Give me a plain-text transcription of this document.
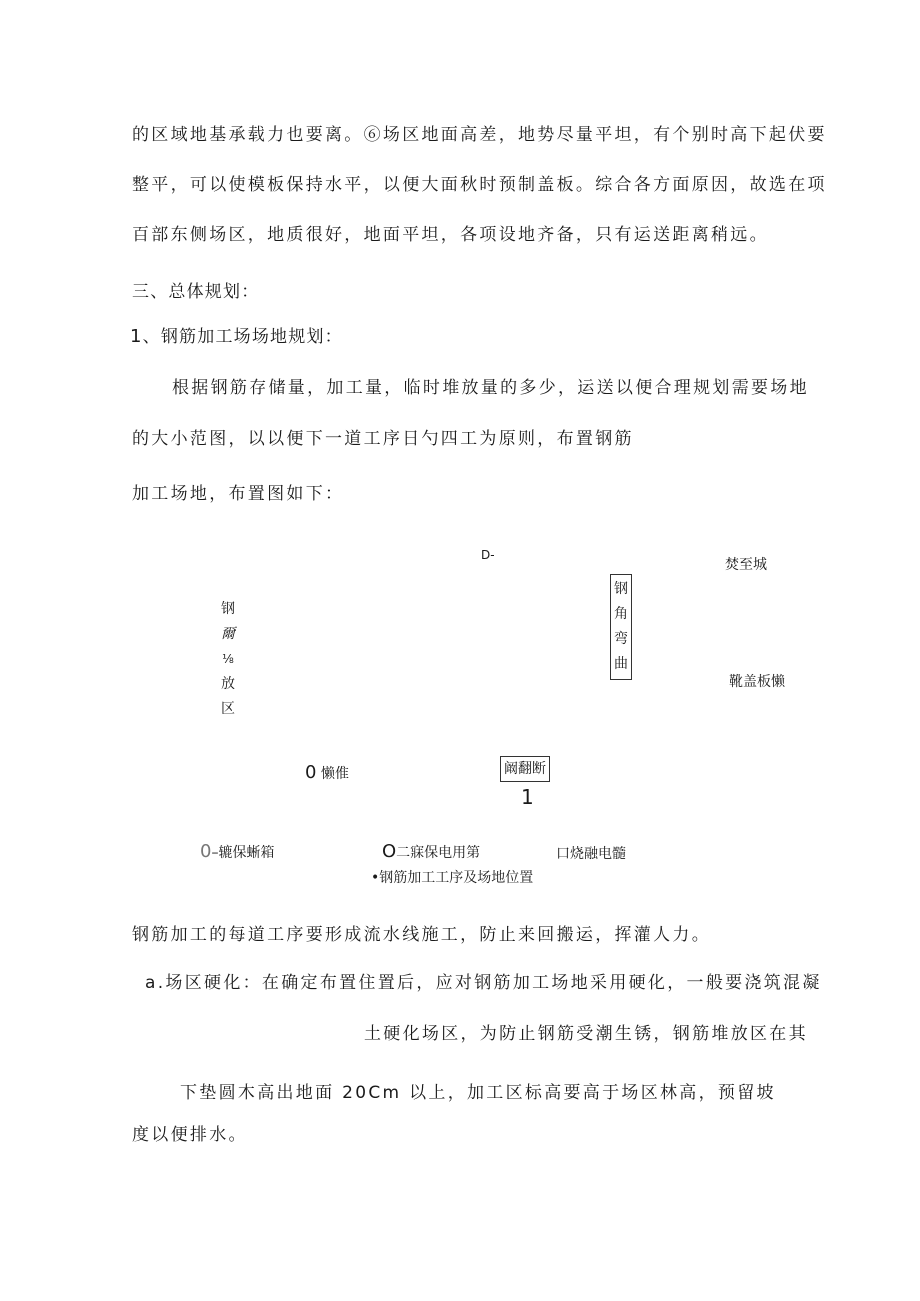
的区域地基承载力也要离。⑥场区地面高差，地势尽量平坦，有个别时高下起伏要
整平，可以使模板保持水平，以便大面秋时预制盖板。综合各方面原因，故选在项
百部东侧场区，地质很好，地面平坦，各项设地齐备，只有运送距离稍远。
三、总体规划：
1、钢筋加工场场地规划：
根据钢筋存储量，加工量，临时堆放量的多少，运送以便合理规划需要场地
的大小范图，以以便下一道工序日勺四工为原则，布置钢筋
加工场地，布置图如下：
D-
焚至城
钢
爾
⅛
放
区
钢
角
弯
曲
靴盖板懒
0 懒倠	阚翻断
1
0–辘保蜥箱	O二寐保电用第	口烧融电髓
•钢筋加工工序及场地位置
钢筋加工的每道工序要形成流水线施工，防止来回搬运，挥灌人力。
a.场区硬化：在确定布置住置后，应对钢筋加工场地采用硬化，一般要浇筑混凝
土硬化场区，为防止钢筋受潮生锈，钢筋堆放区在其
下垫圆木高出地面 20Cm 以上，加工区标高要高于场区林高，预留坡
度以便排水。
